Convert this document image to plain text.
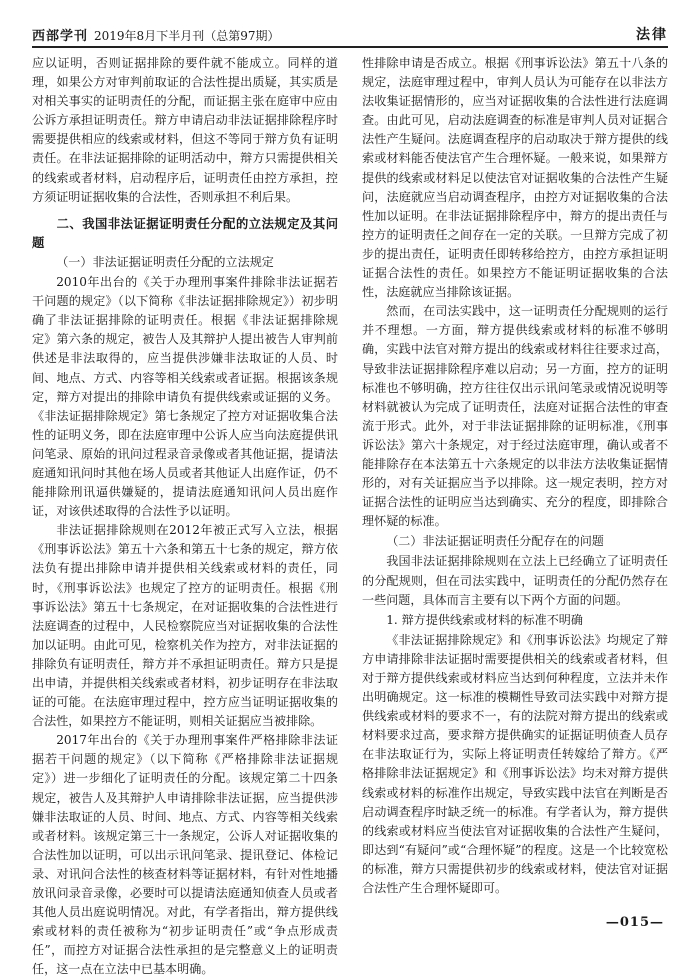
西部学刊 2019年8月下半月刊（总第97期）	法律

应以证明，否则证据排除的要件就不能成立。同样的道理，如果公方对审判前取证的合法性提出质疑，其实质是对相关事实的证明责任的分配，而证据主张在庭审中应由公诉方承担证明责任。辩方申请启动非法证据排除程序时需要提供相应的线索或材料，但这不等同于辩方负有证明责任。在非法证据排除的证明活动中，辩方只需提供相关的线索或者材料，启动程序后，证明责任由控方承担，控方须证明证据收集的合法性，否则承担不利后果。

二、我国非法证据证明责任分配的立法规定及其问题

（一）非法证据证明责任分配的立法规定

2010年出台的《关于办理刑事案件排除非法证据若干问题的规定》（以下简称《非法证据排除规定》）初步明确了非法证据排除的证明责任。根据《非法证据排除规定》第六条的规定，被告人及其辩护人提出被告人审判前供述是非法取得的，应当提供涉嫌非法取证的人员、时间、地点、方式、内容等相关线索或者证据。根据该条规定，辩方对提出的排除申请负有提供线索或证据的义务。《非法证据排除规定》第七条规定了控方对证据收集合法性的证明义务，即在法庭审理中公诉人应当向法庭提供讯问笔录、原始的讯问过程录音录像或者其他证据，提请法庭通知讯问时其他在场人员或者其他证人出庭作证，仍不能排除刑讯逼供嫌疑的，提请法庭通知讯问人员出庭作证，对该供述取得的合法性予以证明。

非法证据排除规则在2012年被正式写入立法，根据《刑事诉讼法》第五十六条和第五十七条的规定，辩方依法负有提出排除申请并提供相关线索或材料的责任，同时，《刑事诉讼法》也规定了控方的证明责任。根据《刑事诉讼法》第五十七条规定，在对证据收集的合法性进行法庭调查的过程中，人民检察院应当对证据收集的合法性加以证明。由此可见，检察机关作为控方，对非法证据的排除负有证明责任，辩方并不承担证明责任。辩方只是提出申请，并提供相关线索或者材料，初步证明存在非法取证的可能。在法庭审理过程中，控方应当证明证据收集的合法性，如果控方不能证明，则相关证据应当被排除。

2017年出台的《关于办理刑事案件严格排除非法证据若干问题的规定》（以下简称《严格排除非法证据规定》）进一步细化了证明责任的分配。该规定第二十四条规定，被告人及其辩护人申请排除非法证据，应当提供涉嫌非法取证的人员、时间、地点、方式、内容等相关线索或者材料。该规定第三十一条规定，公诉人对证据收集的合法性加以证明，可以出示讯问笔录、提讯登记、体检记录、对讯问合法性的核查材料等证据材料，有针对性地播放讯问录音录像，必要时可以提请法庭通知侦查人员或者其他人员出庭说明情况。对此，有学者指出，辩方提供线索或材料的责任被称为“初步证明责任”或“争点形成责任”，而控方对证据合法性承担的是完整意义上的证明责任，这一点在立法中已基本明确。

性排除申请是否成立。根据《刑事诉讼法》第五十八条的规定，法庭审理过程中，审判人员认为可能存在以非法方法收集证据情形的，应当对证据收集的合法性进行法庭调查。由此可见，启动法庭调查的标准是审判人员对证据合法性产生疑问。法庭调查程序的启动取决于辩方提供的线索或材料能否使法官产生合理怀疑。一般来说，如果辩方提供的线索或材料足以使法官对证据收集的合法性产生疑问，法庭就应当启动调查程序，由控方对证据收集的合法性加以证明。在非法证据排除程序中，辩方的提出责任与控方的证明责任之间存在一定的关联。一旦辩方完成了初步的提出责任，证明责任即转移给控方，由控方承担证明证据合法性的责任。如果控方不能证明证据收集的合法性，法庭就应当排除该证据。

然而，在司法实践中，这一证明责任分配规则的运行并不理想。一方面，辩方提供线索或材料的标准不够明确，实践中法官对辩方提出的线索或材料往往要求过高，导致非法证据排除程序难以启动；另一方面，控方的证明标准也不够明确，控方往往仅出示讯问笔录或情况说明等材料就被认为完成了证明责任，法庭对证据合法性的审查流于形式。此外，对于非法证据排除的证明标准，《刑事诉讼法》第六十条规定，对于经过法庭审理，确认或者不能排除存在本法第五十六条规定的以非法方法收集证据情形的，对有关证据应当予以排除。这一规定表明，控方对证据合法性的证明应当达到确实、充分的程度，即排除合理怀疑的标准。

（二）非法证据证明责任分配存在的问题

我国非法证据排除规则在立法上已经确立了证明责任的分配规则，但在司法实践中，证明责任的分配仍然存在一些问题，具体而言主要有以下两个方面的问题。

1. 辩方提供线索或材料的标准不明确

《非法证据排除规定》和《刑事诉讼法》均规定了辩方申请排除非法证据时需要提供相关的线索或者材料，但对于辩方提供线索或材料应当达到何种程度，立法并未作出明确规定。这一标准的模糊性导致司法实践中对辩方提供线索或材料的要求不一，有的法院对辩方提出的线索或材料要求过高，要求辩方提供确实的证据证明侦查人员存在非法取证行为，实际上将证明责任转嫁给了辩方。《严格排除非法证据规定》和《刑事诉讼法》均未对辩方提供线索或材料的标准作出规定，导致实践中法官在判断是否启动调查程序时缺乏统一的标准。有学者认为，辩方提供的线索或材料应当使法官对证据收集的合法性产生疑问，即达到“有疑问”或“合理怀疑”的程度。这是一个比较宽松的标准，辩方只需提供初步的线索或材料，使法官对证据合法性产生合理怀疑即可。

—015—
